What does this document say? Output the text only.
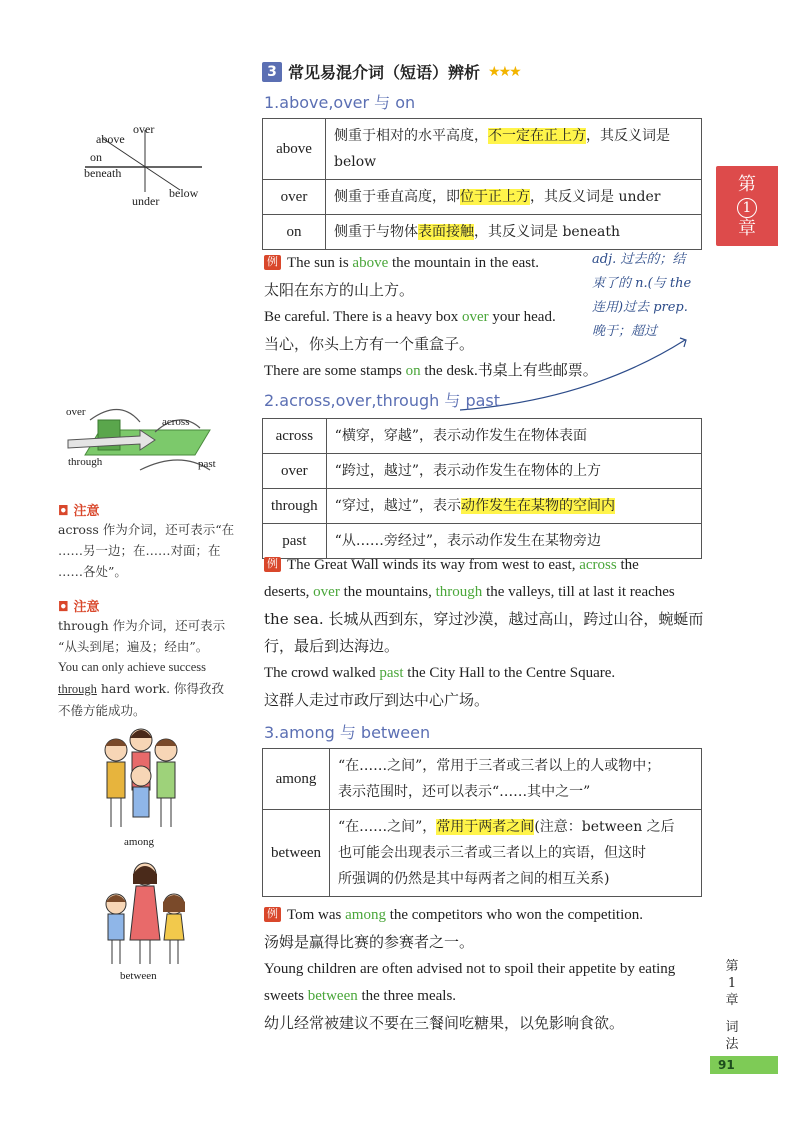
3 常见易混介词（短语）辨析 ★★★
1.above,over 与 on
above	侧重于相对的水平高度，不一定在正上方，其反义词是 below
over	侧重于垂直高度，即位于正上方，其反义词是 under
on	侧重于与物体表面接触，其反义词是 beneath
例 The sun is above the mountain in the east.
太阳在东方的山上方。
Be careful. There is a heavy box over your head.
当心，你头上方有一个重盒子。
There are some stamps on the desk.书桌上有些邮票。
adj. 过去的；结
束了的 n.(与 the
连用)过去 prep.
晚于；超过
2.across,over,through 与 past
across	“横穿，穿越”，表示动作发生在物体表面
over	“跨过，越过”，表示动作发生在物体的上方
through	“穿过，越过”，表示动作发生在某物的空间内
past	“从……旁经过”，表示动作发生在某物旁边
例 The Great Wall winds its way from west to east, across the
deserts, over the mountains, through the valleys, till at last it reaches
the sea. 长城从西到东，穿过沙漠，越过高山，跨过山谷，蜿蜒而
行，最后到达海边。
The crowd walked past the City Hall to the Centre Square.
这群人走过市政厅到达中心广场。
3.among 与 between
among	“在……之间”，常用于三者或三者以上的人或物中；
表示范围时，还可以表示“……其中之一”

between	“在……之间”，常用于两者之间(注意：between 之后
也可能会出现表示三者或三者以上的宾语，但这时
所强调的仍然是其中每两者之间的相互关系)
例 Tom was among the competitors who won the competition.
汤姆是赢得比赛的参赛者之一。
Young children are often advised not to spoil their appetite by eating
sweets between the three meals.
幼儿经常被建议不要在三餐间吃糖果，以免影响食欲。
above
over
on
beneath
below
under
over
across
through	past
◘ 注意
across 作为介词，还可表示“在
……另一边；在……对面；在
……各处”。
◘ 注意
through 作为介词，还可表示
“从头到尾；遍及；经由”。
You can only achieve success
through hard work. 你得孜孜
不倦方能成功。
among
between
第
1
章
第
1
章
词
法
91
